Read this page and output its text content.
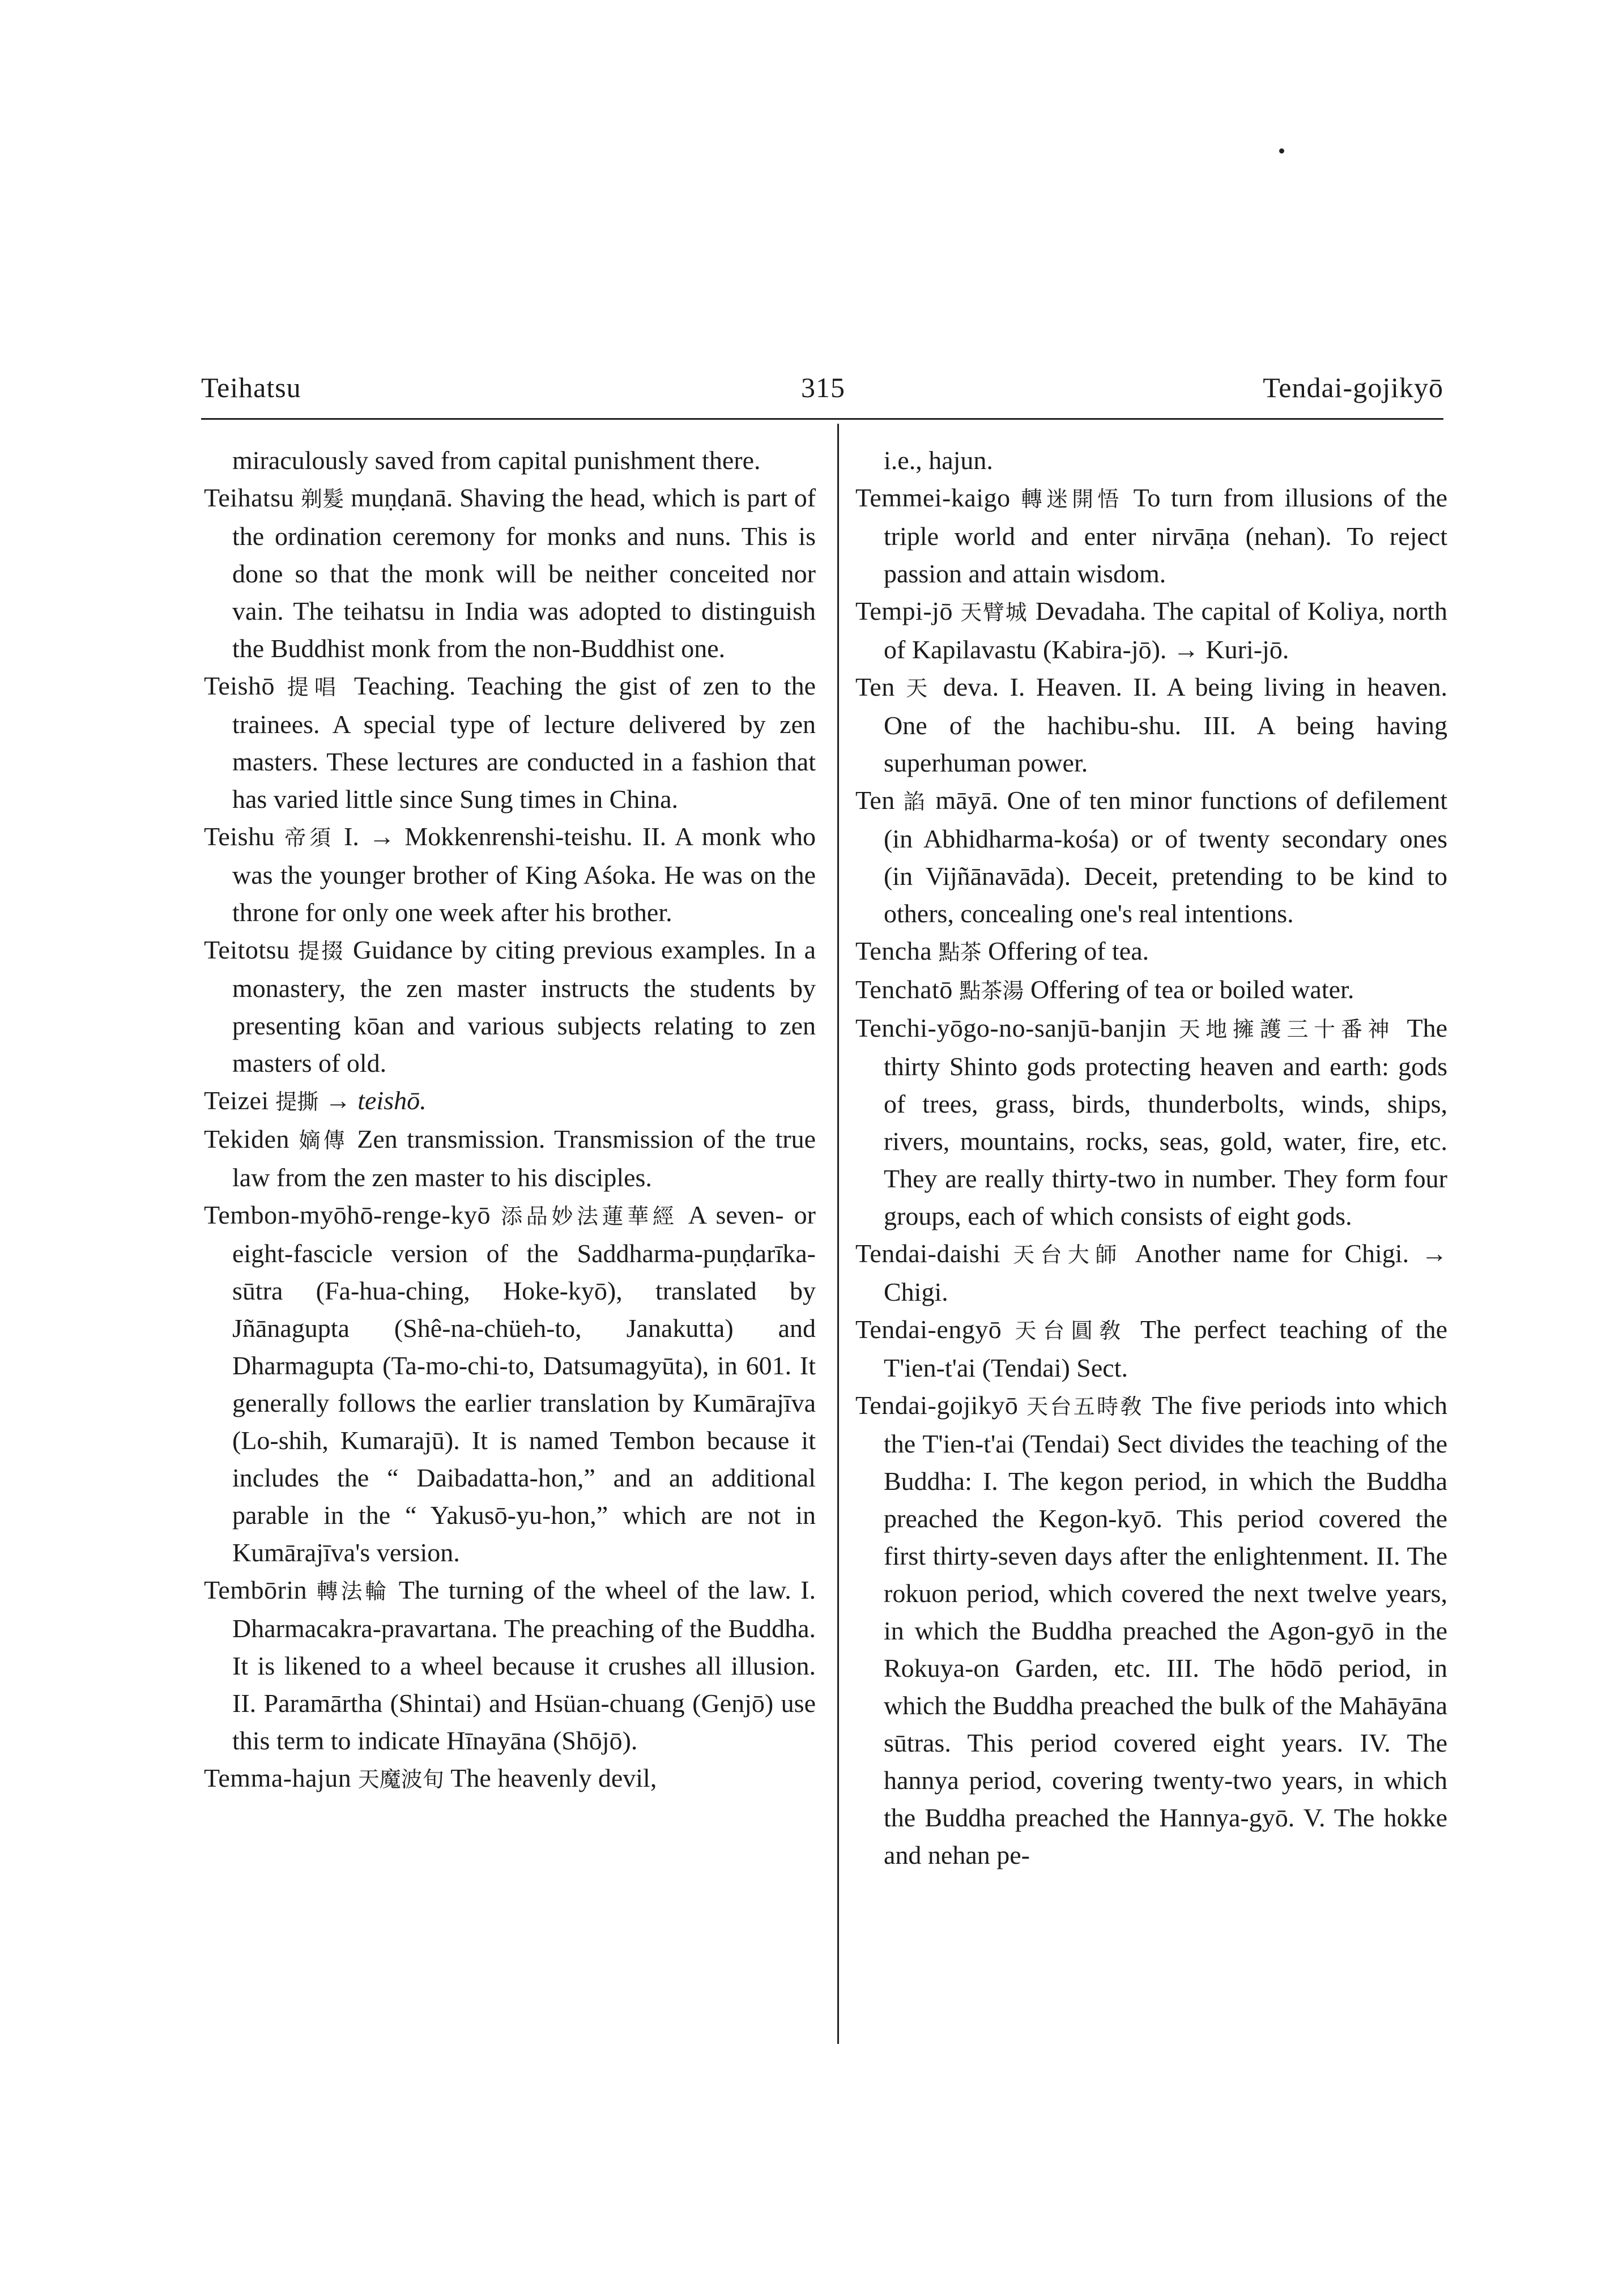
Teihatsu	315	Tendai-gojikyō

miraculously saved from capital punishment there.

Teihatsu 剃髮 muṇḍanā. Shaving the head, which is part of the ordination ceremony for monks and nuns. This is done so that the monk will be neither conceited nor vain. The teihatsu in India was adopted to distinguish the Buddhist monk from the non-Buddhist one.

Teishō 提唱 Teaching. Teaching the gist of zen to the trainees. A special type of lecture delivered by zen masters. These lectures are conducted in a fashion that has varied little since Sung times in China.

Teishu 帝須 I. → Mokkenrenshi-teishu. II. A monk who was the younger brother of King Aśoka. He was on the throne for only one week after his brother.

Teitotsu 提掇 Guidance by citing previous examples. In a monastery, the zen master instructs the students by presenting kōan and various subjects relating to zen masters of old.

Teizei 提撕 → teishō.

Tekiden 嫡傳 Zen transmission. Transmission of the true law from the zen master to his disciples.

Tembon-myōhō-renge-kyō 添品妙法蓮華經 A seven- or eight-fascicle version of the Saddharma-puṇḍarīka-sūtra (Fa-hua-ching, Hoke-kyō), translated by Jñānagupta (Shê-na-chüeh-to, Janakutta) and Dharmagupta (Ta-mo-chi-to, Datsumagyūta), in 601. It generally follows the earlier translation by Kumārajīva (Lo-shih, Kumarajū). It is named Tembon because it includes the “ Daibadatta-hon,” and an additional parable in the “ Yakusō-yu-hon,” which are not in Kumārajīva's version.

Tembōrin 轉法輪 The turning of the wheel of the law. I. Dharmacakra-pravartana. The preaching of the Buddha. It is likened to a wheel because it crushes all illusion. II. Paramārtha (Shintai) and Hsüan-chuang (Genjō) use this term to indicate Hīnayāna (Shōjō).

Temma-hajun 天魔波旬 The heavenly devil,

i.e., hajun.

Temmei-kaigo 轉迷開悟 To turn from illusions of the triple world and enter nirvāṇa (nehan). To reject passion and attain wisdom.

Tempi-jō 天臂城 Devadaha. The capital of Koliya, north of Kapilavastu (Kabira-jō). → Kuri-jō.

Ten 天 deva. I. Heaven. II. A being living in heaven. One of the hachibu-shu. III. A being having superhuman power.

Ten 諂 māyā. One of ten minor functions of defilement (in Abhidharma-kośa) or of twenty secondary ones (in Vijñānavāda). Deceit, pretending to be kind to others, concealing one's real intentions.

Tencha 點茶 Offering of tea.

Tenchatō 點茶湯 Offering of tea or boiled water.

Tenchi-yōgo-no-sanjū-banjin 天地擁護三十番神 The thirty Shinto gods protecting heaven and earth: gods of trees, grass, birds, thunderbolts, winds, ships, rivers, mountains, rocks, seas, gold, water, fire, etc. They are really thirty-two in number. They form four groups, each of which consists of eight gods.

Tendai-daishi 天台大師 Another name for Chigi. → Chigi.

Tendai-engyō 天台圓敎 The perfect teaching of the T'ien-t'ai (Tendai) Sect.

Tendai-gojikyō 天台五時敎 The five periods into which the T'ien-t'ai (Tendai) Sect divides the teaching of the Buddha: I. The kegon period, in which the Buddha preached the Kegon-kyō. This period covered the first thirty-seven days after the enlightenment. II. The rokuon period, which covered the next twelve years, in which the Buddha preached the Agon-gyō in the Rokuya-on Garden, etc. III. The hōdō period, in which the Buddha preached the bulk of the Mahāyāna sūtras. This period covered eight years. IV. The hannya period, covering twenty-two years, in which the Buddha preached the Hannya-gyō. V. The hokke and nehan pe-
